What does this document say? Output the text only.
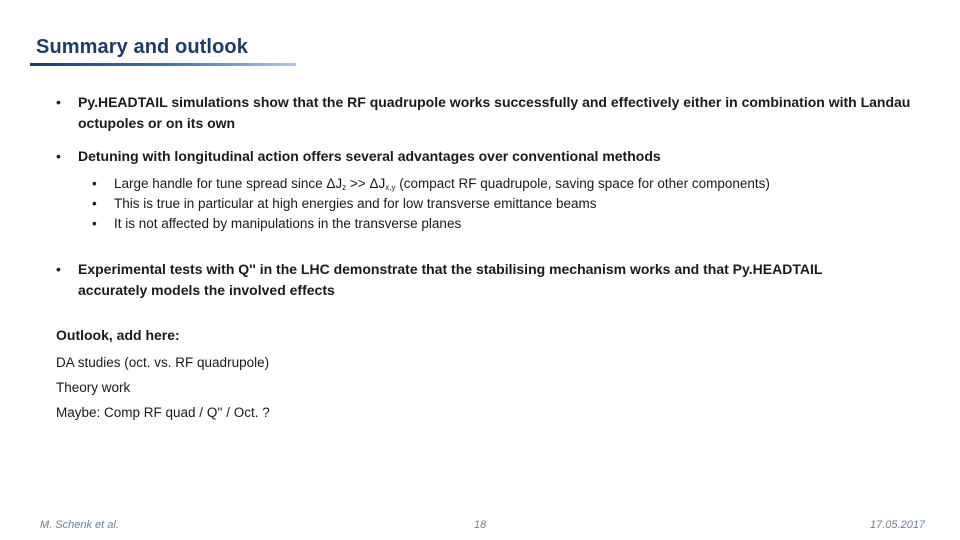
Summary and outlook
•	Py.HEADTAIL simulations show that the RF quadrupole works successfully and effectively either in combination with Landau octupoles or on its own
•	Detuning with longitudinal action offers several advantages over conventional methods
•	Large handle for tune spread since $\Delta J_z >> \Delta J_{x,y}$ (compact RF quadrupole, saving space for other components)
•	This is true in particular at high energies and for low transverse emittance beams
•	It is not affected by manipulations in the transverse planes
•	Experimental tests with Q'' in the LHC demonstrate that the stabilising mechanism works and that Py.HEADTAIL accurately models the involved effects
Outlook, add here:
DA studies (oct. vs. RF quadrupole)
Theory work
Maybe: Comp RF quad / Q'' / Oct. ?
M. Schenk et al.	18	17.05.2017
